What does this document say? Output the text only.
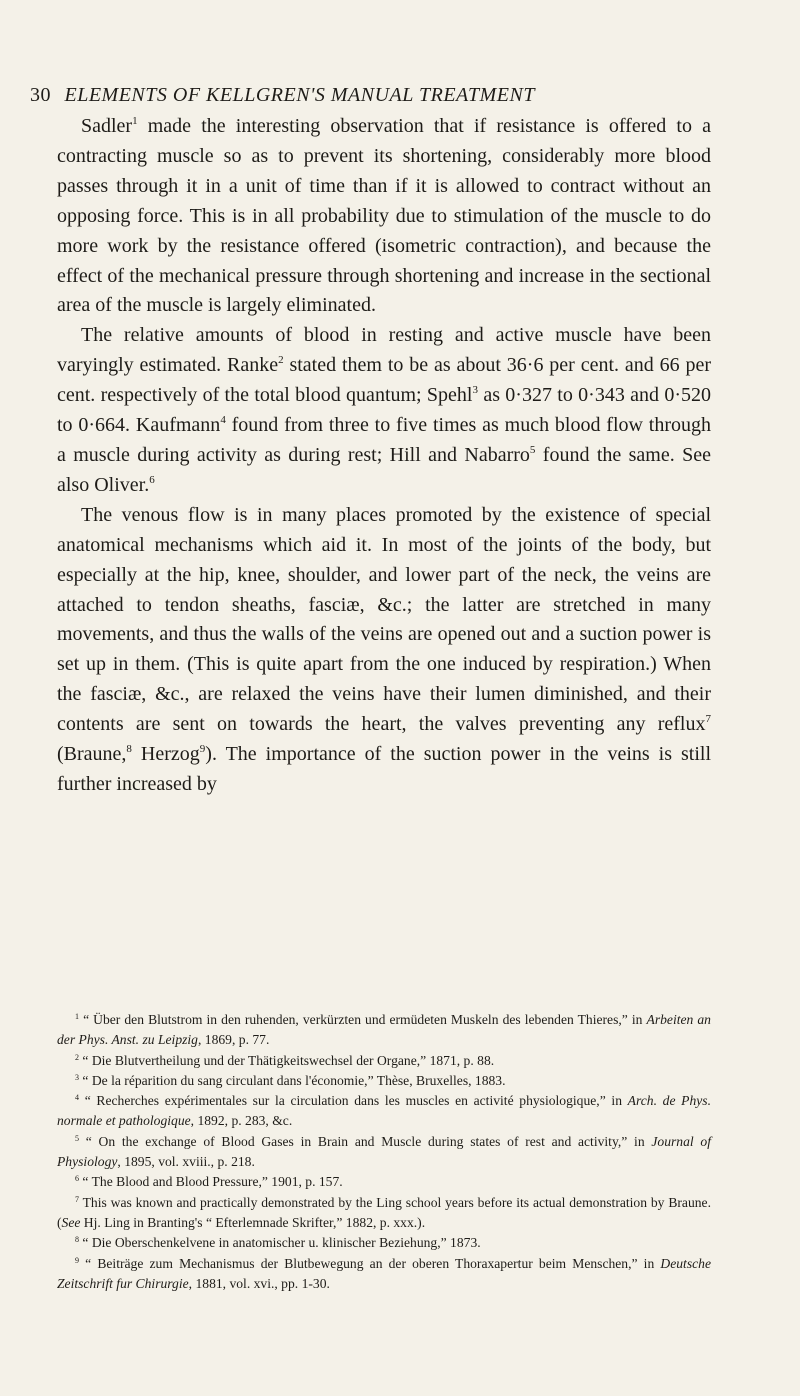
30 ELEMENTS OF KELLGREN'S MANUAL TREATMENT

Sadler$^1$ made the interesting observation that if resistance is offered to a contracting muscle so as to prevent its shortening, considerably more blood passes through it in a unit of time than if it is allowed to contract without an opposing force. This is in all probability due to stimulation of the muscle to do more work by the resistance offered (isometric contraction), and because the effect of the mechanical pressure through shortening and increase in the sectional area of the muscle is largely eliminated.

The relative amounts of blood in resting and active muscle have been varyingly estimated. Ranke$^2$ stated them to be as about 36·6 per cent. and 66 per cent. respectively of the total blood quantum; Spehl$^3$ as 0·327 to 0·343 and 0·520 to 0·664. Kaufmann$^4$ found from three to five times as much blood flow through a muscle during activity as during rest; Hill and Nabarro$^5$ found the same. See also Oliver.$^6$

The venous flow is in many places promoted by the existence of special anatomical mechanisms which aid it. In most of the joints of the body, but especially at the hip, knee, shoulder, and lower part of the neck, the veins are attached to tendon sheaths, fasciæ, &c.; the latter are stretched in many movements, and thus the walls of the veins are opened out and a suction power is set up in them. (This is quite apart from the one induced by respiration.) When the fasciæ, &c., are relaxed the veins have their lumen diminished, and their contents are sent on towards the heart, the valves preventing any reflux$^7$ (Braune,$^8$ Herzog$^9$). The importance of the suction power in the veins is still further increased by

$^1$ “ Über den Blutstrom in den ruhenden, verkürzten und ermüdeten Muskeln des lebenden Thieres,” in Arbeiten an der Phys. Anst. zu Leipzig, 1869, p. 77.

$^2$ “ Die Blutvertheilung und der Thätigkeitswechsel der Organe,” 1871, p. 88.

$^3$ “ De la réparition du sang circulant dans l'économie,” Thèse, Bruxelles, 1883.

$^4$ “ Recherches expérimentales sur la circulation dans les muscles en activité physiologique,” in Arch. de Phys. normale et pathologique, 1892, p. 283, &c.

$^5$ “ On the exchange of Blood Gases in Brain and Muscle during states of rest and activity,” in Journal of Physiology, 1895, vol. xviii., p. 218.

$^6$ “ The Blood and Blood Pressure,” 1901, p. 157.

$^7$ This was known and practically demonstrated by the Ling school years before its actual demonstration by Braune. (See Hj. Ling in Branting's “ Efterlemnade Skrifter,” 1882, p. xxx.).

$^8$ “ Die Oberschenkelvene in anatomischer u. klinischer Beziehung,” 1873.

$^9$ “ Beiträge zum Mechanismus der Blutbewegung an der oberen Thoraxapertur beim Menschen,” in Deutsche Zeitschrift fur Chirurgie, 1881, vol. xvi., pp. 1-30.
